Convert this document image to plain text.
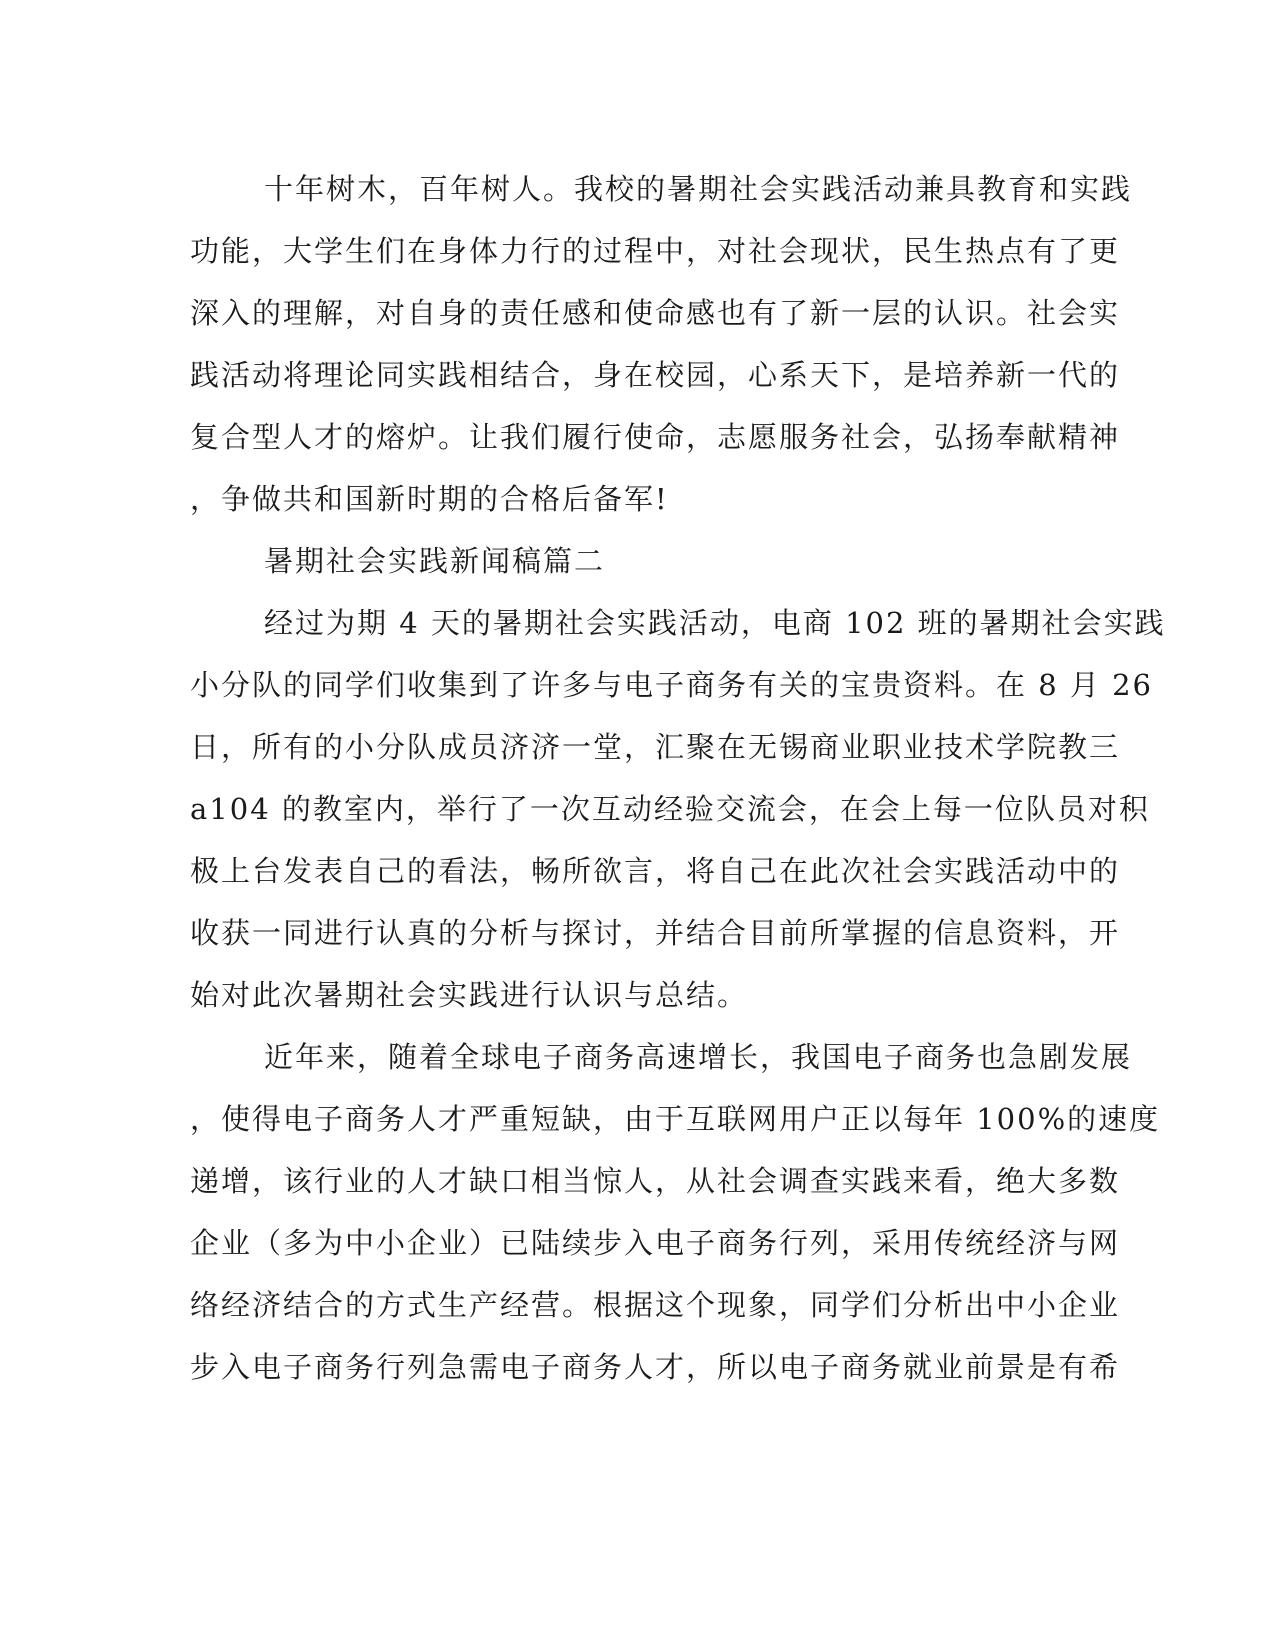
十年树木，百年树人。我校的暑期社会实践活动兼具教育和实践
功能，大学生们在身体力行的过程中，对社会现状，民生热点有了更
深入的理解，对自身的责任感和使命感也有了新一层的认识。社会实
践活动将理论同实践相结合，身在校园，心系天下，是培养新一代的
复合型人才的熔炉。让我们履行使命，志愿服务社会，弘扬奉献精神
，争做共和国新时期的合格后备军!
暑期社会实践新闻稿篇二
经过为期 4 天的暑期社会实践活动，电商 102 班的暑期社会实践
小分队的同学们收集到了许多与电子商务有关的宝贵资料。在 8 月 26
日，所有的小分队成员济济一堂，汇聚在无锡商业职业技术学院教三
a104 的教室内，举行了一次互动经验交流会，在会上每一位队员对积
极上台发表自己的看法，畅所欲言，将自己在此次社会实践活动中的
收获一同进行认真的分析与探讨，并结合目前所掌握的信息资料，开
始对此次暑期社会实践进行认识与总结。
近年来，随着全球电子商务高速增长，我国电子商务也急剧发展
，使得电子商务人才严重短缺，由于互联网用户正以每年 100%的速度
递增，该行业的人才缺口相当惊人，从社会调查实践来看，绝大多数
企业（多为中小企业）已陆续步入电子商务行列，采用传统经济与网
络经济结合的方式生产经营。根据这个现象，同学们分析出中小企业
步入电子商务行列急需电子商务人才，所以电子商务就业前景是有希
